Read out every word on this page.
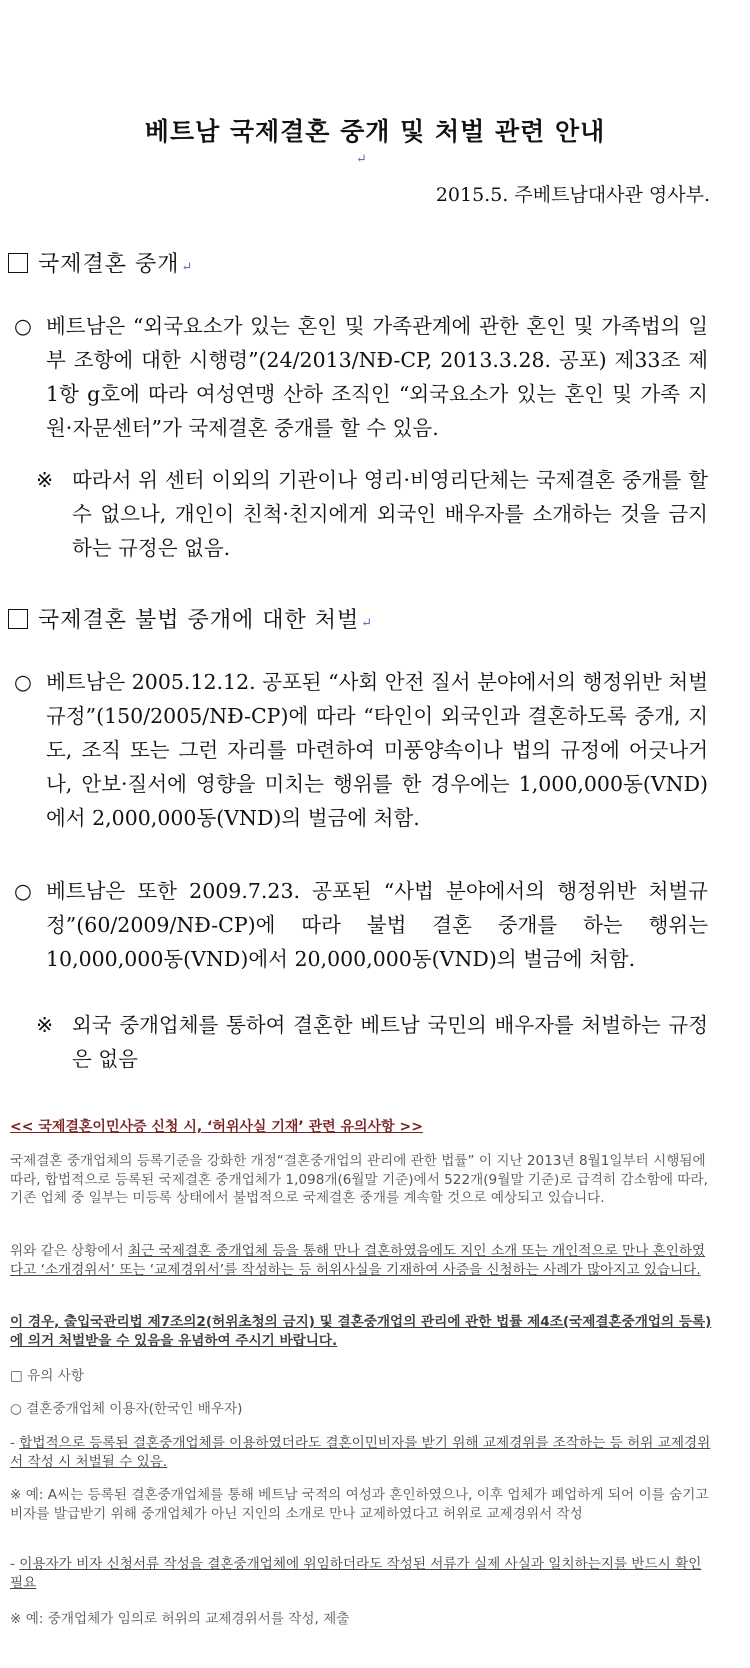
베트남 국제결혼 중개 및 처벌 관련 안내
↵
2015.5. 주베트남대사관 영사부.
국제결혼 중개 ↵
○ 베트남은 “외국요소가 있는 혼인 및 가족관계에 관한 혼인 및 가족법의 일부 조항에 대한 시행령”(24/2013/NĐ-CP, 2013.3.28. 공포) 제33조 제1항 g호에 따라 여성연맹 산하 조직인 “외국요소가 있는 혼인 및 가족 지원·자문센터”가 국제결혼 중개를 할 수 있음.
※ 따라서 위 센터 이외의 기관이나 영리·비영리단체는 국제결혼 중개를 할 수 없으나, 개인이 친척·친지에게 외국인 배우자를 소개하는 것을 금지하는 규정은 없음.
국제결혼 불법 중개에 대한 처벌 ↵
○ 베트남은 2005.12.12. 공포된 “사회 안전 질서 분야에서의 행정위반 처벌규정”(150/2005/NĐ-CP)에 따라 “타인이 외국인과 결혼하도록 중개, 지도, 조직 또는 그런 자리를 마련하여 미풍양속이나 법의 규정에 어긋나거나, 안보·질서에 영향을 미치는 행위를 한 경우에는 1,000,000동(VND)에서 2,000,000동(VND)의 벌금에 처함.
○ 베트남은 또한 2009.7.23. 공포된 “사법 분야에서의 행정위반 처벌규정”(60/2009/NĐ-CP)에 따라 불법 결혼 중개를 하는 행위는 10,000,000동(VND)에서 20,000,000동(VND)의 벌금에 처함.
※ 외국 중개업체를 통하여 결혼한 베트남 국민의 배우자를 처벌하는 규정은 없음
<< 국제결혼이민사증 신청 시, ‘허위사실 기재’ 관련 유의사항 >>
국제결혼 중개업체의 등록기준을 강화한 개정“결혼중개업의 관리에 관한 법률” 이 지난 2013년 8월1일부터 시행됨에 따라, 합법적으로 등록된 국제결혼 중개업체가 1,098개(6월말 기준)에서 522개(9월말 기준)로 급격히 감소함에 따라, 기존 업체 중 일부는 미등록 상태에서 불법적으로 국제결혼 중개를 계속할 것으로 예상되고 있습니다.
위와 같은 상황에서 최근 국제결혼 중개업체 등을 통해 만나 결혼하였음에도 지인 소개 또는 개인적으로 만나 혼인하였다고 ‘소개경위서’ 또는 ‘교제경위서’를 작성하는 등 허위사실을 기재하여 사증을 신청하는 사례가 많아지고 있습니다.
이 경우, 출입국관리법 제7조의2(허위초청의 금지) 및 결혼중개업의 관리에 관한 법률 제4조(국제결혼중개업의 등록)에 의거 처벌받을 수 있음을 유념하여 주시기 바랍니다.
□ 유의 사항
○ 결혼중개업체 이용자(한국인 배우자)
- 합법적으로 등록된 결혼중개업체를 이용하였더라도 결혼이민비자를 받기 위해 교제경위를 조작하는 등 허위 교제경위서 작성 시 처벌될 수 있음.
※ 예: A씨는 등록된 결혼중개업체를 통해 베트남 국적의 여성과 혼인하였으나, 이후 업체가 폐업하게 되어 이를 숨기고 비자를 발급받기 위해 중개업체가 아닌 지인의 소개로 만나 교제하였다고 허위로 교제경위서 작성
- 이용자가 비자 신청서류 작성을 결혼중개업체에 위임하더라도 작성된 서류가 실제 사실과 일치하는지를 반드시 확인 필요
※ 예: 중개업체가 임의로 허위의 교제경위서를 작성, 제출
